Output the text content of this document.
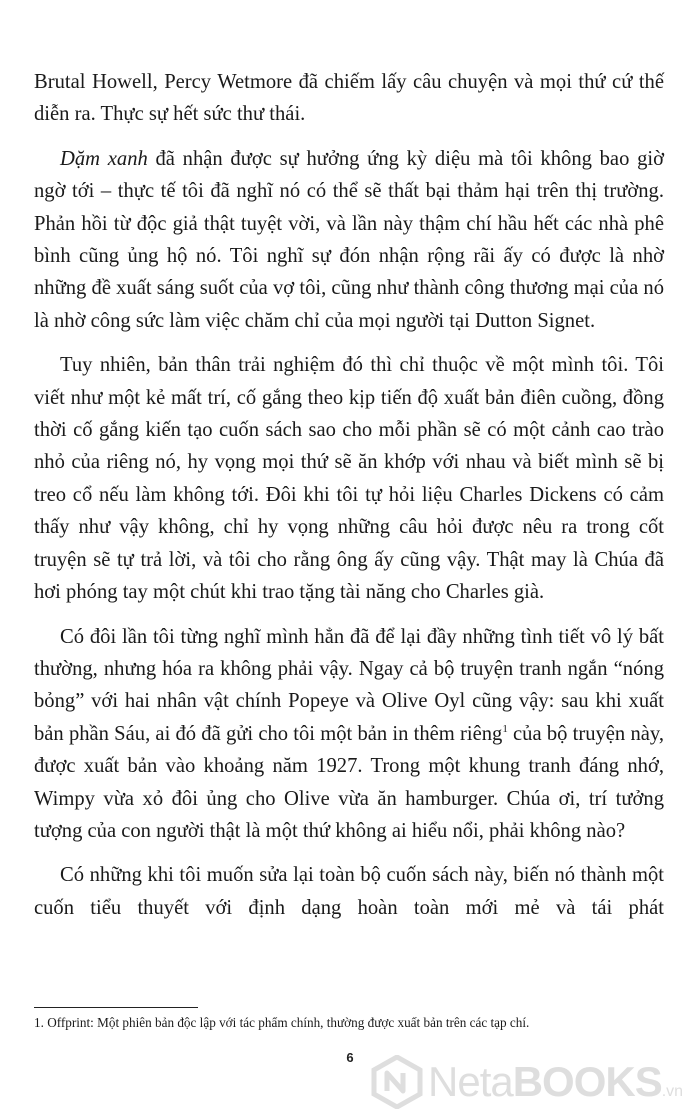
Brutal Howell, Percy Wetmore đã chiếm lấy câu chuyện và mọi thứ cứ thế diễn ra. Thực sự hết sức thư thái.

Dặm xanh đã nhận được sự hưởng ứng kỳ diệu mà tôi không bao giờ ngờ tới – thực tế tôi đã nghĩ nó có thể sẽ thất bại thảm hại trên thị trường. Phản hồi từ độc giả thật tuyệt vời, và lần này thậm chí hầu hết các nhà phê bình cũng ủng hộ nó. Tôi nghĩ sự đón nhận rộng rãi ấy có được là nhờ những đề xuất sáng suốt của vợ tôi, cũng như thành công thương mại của nó là nhờ công sức làm việc chăm chỉ của mọi người tại Dutton Signet.

Tuy nhiên, bản thân trải nghiệm đó thì chỉ thuộc về một mình tôi. Tôi viết như một kẻ mất trí, cố gắng theo kịp tiến độ xuất bản điên cuồng, đồng thời cố gắng kiến tạo cuốn sách sao cho mỗi phần sẽ có một cảnh cao trào nhỏ của riêng nó, hy vọng mọi thứ sẽ ăn khớp với nhau và biết mình sẽ bị treo cổ nếu làm không tới. Đôi khi tôi tự hỏi liệu Charles Dickens có cảm thấy như vậy không, chỉ hy vọng những câu hỏi được nêu ra trong cốt truyện sẽ tự trả lời, và tôi cho rằng ông ấy cũng vậy. Thật may là Chúa đã hơi phóng tay một chút khi trao tặng tài năng cho Charles già.

Có đôi lần tôi từng nghĩ mình hẳn đã để lại đầy những tình tiết vô lý bất thường, nhưng hóa ra không phải vậy. Ngay cả bộ truyện tranh ngắn “nóng bỏng” với hai nhân vật chính Popeye và Olive Oyl cũng vậy: sau khi xuất bản phần Sáu, ai đó đã gửi cho tôi một bản in thêm riêng$^1$ của bộ truyện này, được xuất bản vào khoảng năm 1927. Trong một khung tranh đáng nhớ, Wimpy vừa xỏ đôi ủng cho Olive vừa ăn hamburger. Chúa ơi, trí tưởng tượng của con người thật là một thứ không ai hiểu nổi, phải không nào?

Có những khi tôi muốn sửa lại toàn bộ cuốn sách này, biến nó thành một cuốn tiểu thuyết với định dạng hoàn toàn mới mẻ và tái phát

1. Offprint: Một phiên bản độc lập với tác phẩm chính, thường được xuất bản trên các tạp chí.
6
NetaBOOKS.vn
